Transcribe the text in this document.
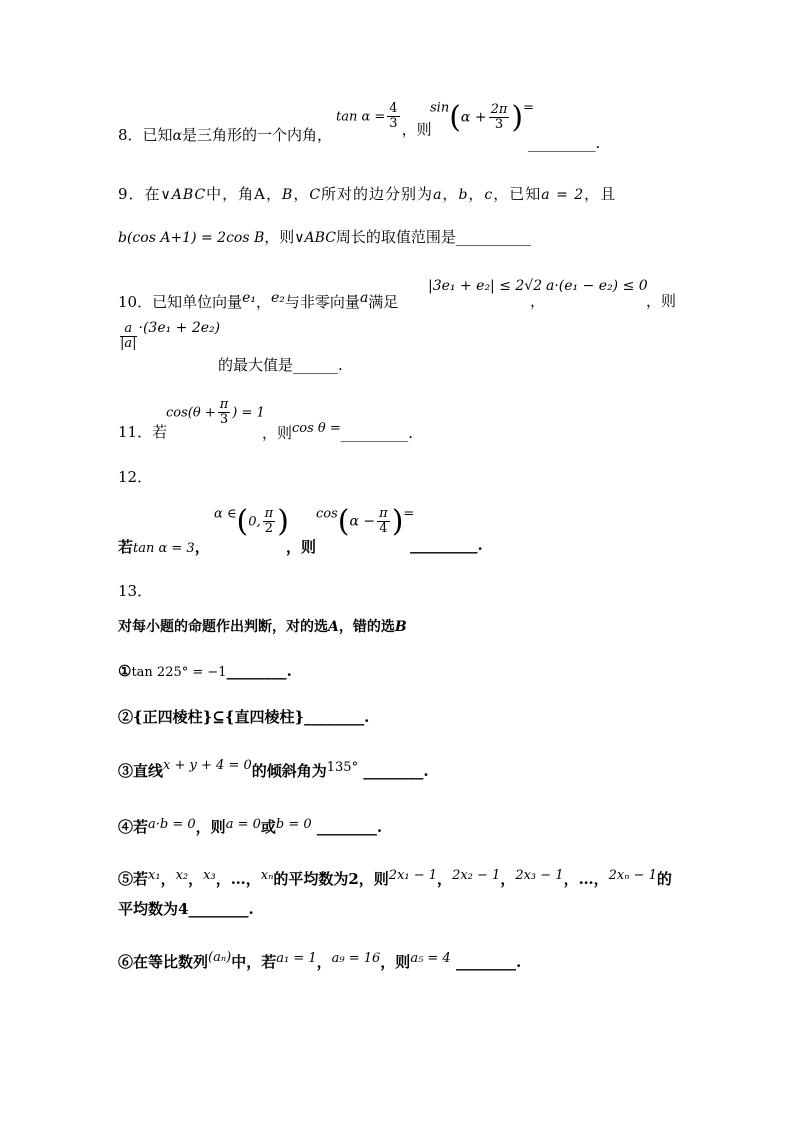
8．已知α是三角形的一个内角，
$\tan \alpha = \frac{4}{3}$ ，则
$\sin(\alpha + \frac{2\pi}{3}$ )=
_________.
9．在∨ABC中，角A，B，C所对的边分别为a，b，c，已知a = 2，且
b(cos A+1) = 2cos B，则∨ABC周长的取值范围是__________
10．已知单位向量e₁，e₂与非零向量a满足
|3e₁ + e₂| ≤ 2√2
，
a·(e₁ − e₂) ≤ 0
，则
$\frac{a}{|a|} \cdot(3e_1 + 2e_2)$
的最大值是______.
11．若
$\cos(\theta + \frac{\pi}{3}$ ) = 1
，则cos θ =_________.
12．
若tan α = 3，
α ∈(0, $\frac{\pi}{2}$ )
，则
$\cos(\alpha - \frac{\pi}{4}$ )=
_________.
13．
对每小题的命题作出判断，对的选A，错的选B
①tan 225° = −1________.
②{正四棱柱}⊆{直四棱柱}________.
③直线x + y + 4 = 0的倾斜角为135° ________.
④若a·b = 0，则a = 0或b = 0 ________.
⑤若x₁，x₂，x₃，…，xₙ的平均数为2，则2x₁ − 1，2x₂ − 1，2x₃ − 1，…，2xₙ − 1的
平均数为4________.
⑥在等比数列(aₙ)中，若a₁ = 1，a₉ = 16，则a₅ = 4 ________.
